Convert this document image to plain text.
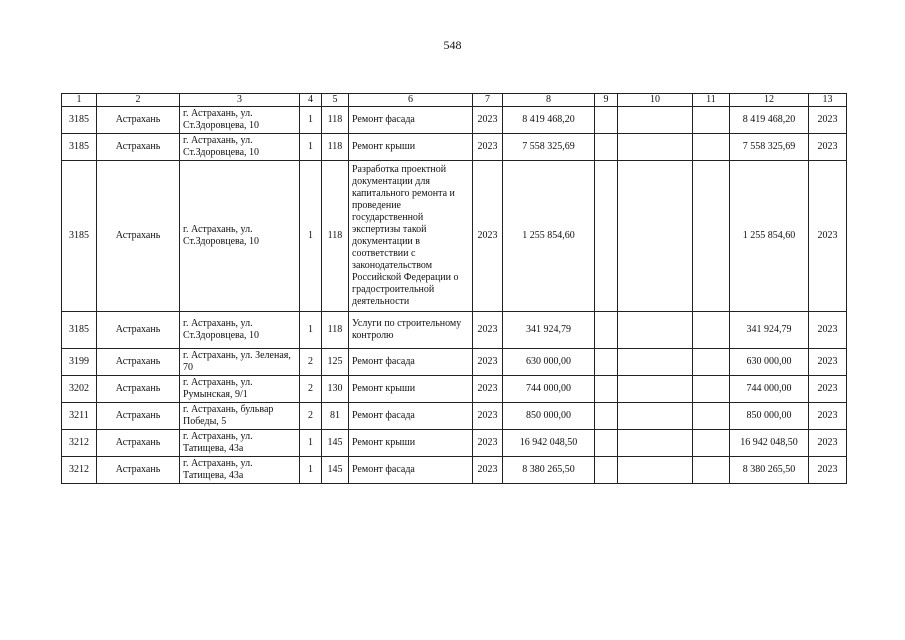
548
1	2	3	4	5	6	7	8	9	10	11	12	13
3185	Астрахань	г. Астрахань, ул. Ст.Здоровцева, 10	1	118	Ремонт фасада	2023	8 419 468,20				8 419 468,20	2023
3185	Астрахань	г. Астрахань, ул. Ст.Здоровцева, 10	1	118	Ремонт крыши	2023	7 558 325,69				7 558 325,69	2023
3185	Астрахань	г. Астрахань, ул. Ст.Здоровцева, 10	1	118	Разработка проектной документации для капитального ремонта и проведение государственной экспертизы такой документации в соответствии с законодательством Российской Федерации о градостроительной деятельности	2023	1 255 854,60				1 255 854,60	2023
3185	Астрахань	г. Астрахань, ул. Ст.Здоровцева, 10	1	118	Услуги по строительному контролю	2023	341 924,79				341 924,79	2023
3199	Астрахань	г. Астрахань, ул. Зеленая, 70	2	125	Ремонт фасада	2023	630 000,00				630 000,00	2023
3202	Астрахань	г. Астрахань, ул. Румынская, 9/1	2	130	Ремонт крыши	2023	744 000,00				744 000,00	2023
3211	Астрахань	г. Астрахань, бульвар Победы, 5	2	81	Ремонт фасада	2023	850 000,00				850 000,00	2023
3212	Астрахань	г. Астрахань, ул. Татищева, 43а	1	145	Ремонт крыши	2023	16 942 048,50				16 942 048,50	2023
3212	Астрахань	г. Астрахань, ул. Татищева, 43а	1	145	Ремонт фасада	2023	8 380 265,50				8 380 265,50	2023
